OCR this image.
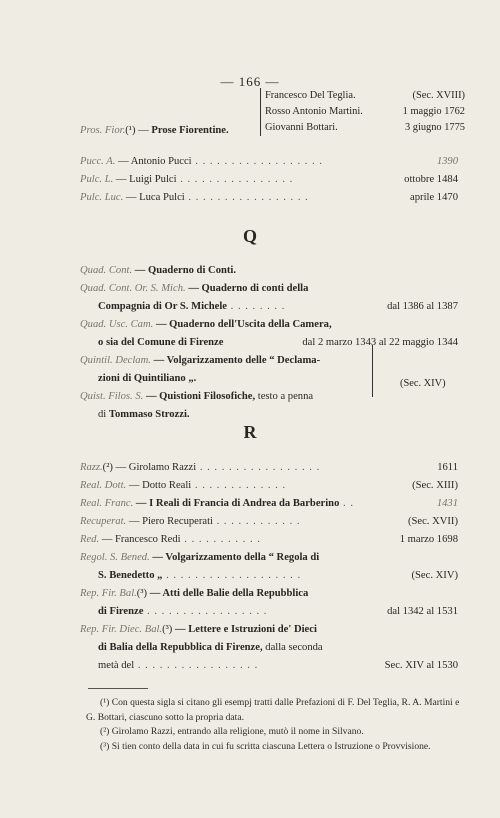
— 166 —
Pros. Fior.(¹) — Prose Fiorentine.
Francesco Del Teglia.	(Sec. XVIII)
Rosso Antonio Martini.	1 maggio 1762
Giovanni Bottari.	3 giugno 1775
Pucc. A. — Antonio Pucci . . . . . . . . . . . . . . . . . .	1390
Pulc. L. — Luigi Pulci . . . . . . . . . . . . . . . .	ottobre 1484
Pulc. Luc. — Luca Pulci . . . . . . . . . . . . . . . . .	aprile 1470
Q
Quad. Cont. — Quaderno di Conti.
Quad. Cont. Or. S. Mich. — Quaderno di conti della
Compagnia di Or S. Michele . . . . . . . .	dal 1386 al 1387
Quad. Usc. Cam. — Quaderno dell'Uscita della Camera,
o sia del Comune di Firenze	dal 2 marzo 1343 al 22 maggio 1344
Quintil. Declam. — Volgarizzamento delle “ Declama-
zioni di Quintiliano „.
Quist. Filos. S. — Quistioni Filosofiche, testo a penna
di Tommaso Strozzi.
(Sec. XIV)
R
Razz.(²) — Girolamo Razzi . . . . . . . . . . . . . . . . .	1611
Real. Dott. — Dotto Reali . . . . . . . . . . . . .	(Sec. XIII)
Real. Franc. — I Reali di Francia di Andrea da Barberino . .	1431
Recuperat. — Piero Recuperati . . . . . . . . . . . .	(Sec. XVII)
Red. — Francesco Redi . . . . . . . . . . .	1 marzo 1698
Regol. S. Bened. — Volgarizzamento della “ Regola di
S. Benedetto „ . . . . . . . . . . . . . . . . . . .	(Sec. XIV)
Rep. Fir. Bal.(³) — Atti delle Balie della Repubblica
di Firenze . . . . . . . . . . . . . . . . .	dal 1342 al 1531
Rep. Fir. Diec. Bal.(³) — Lettere e Istruzioni de' Dieci
di Balia della Repubblica di Firenze, dalla seconda
metà del . . . . . . . . . . . . . . . . .	Sec. XIV al 1530
(¹) Con questa sigla si citano gli esempj tratti dalle Prefazioni di F. Del Teglia, R. A. Martini e G. Bottari, ciascuno sotto la propria data.
(²) Girolamo Razzi, entrando alla religione, mutò il nome in Silvano.
(³) Si tien conto della data in cui fu scritta ciascuna Lettera o Istruzione o Provvisione.
